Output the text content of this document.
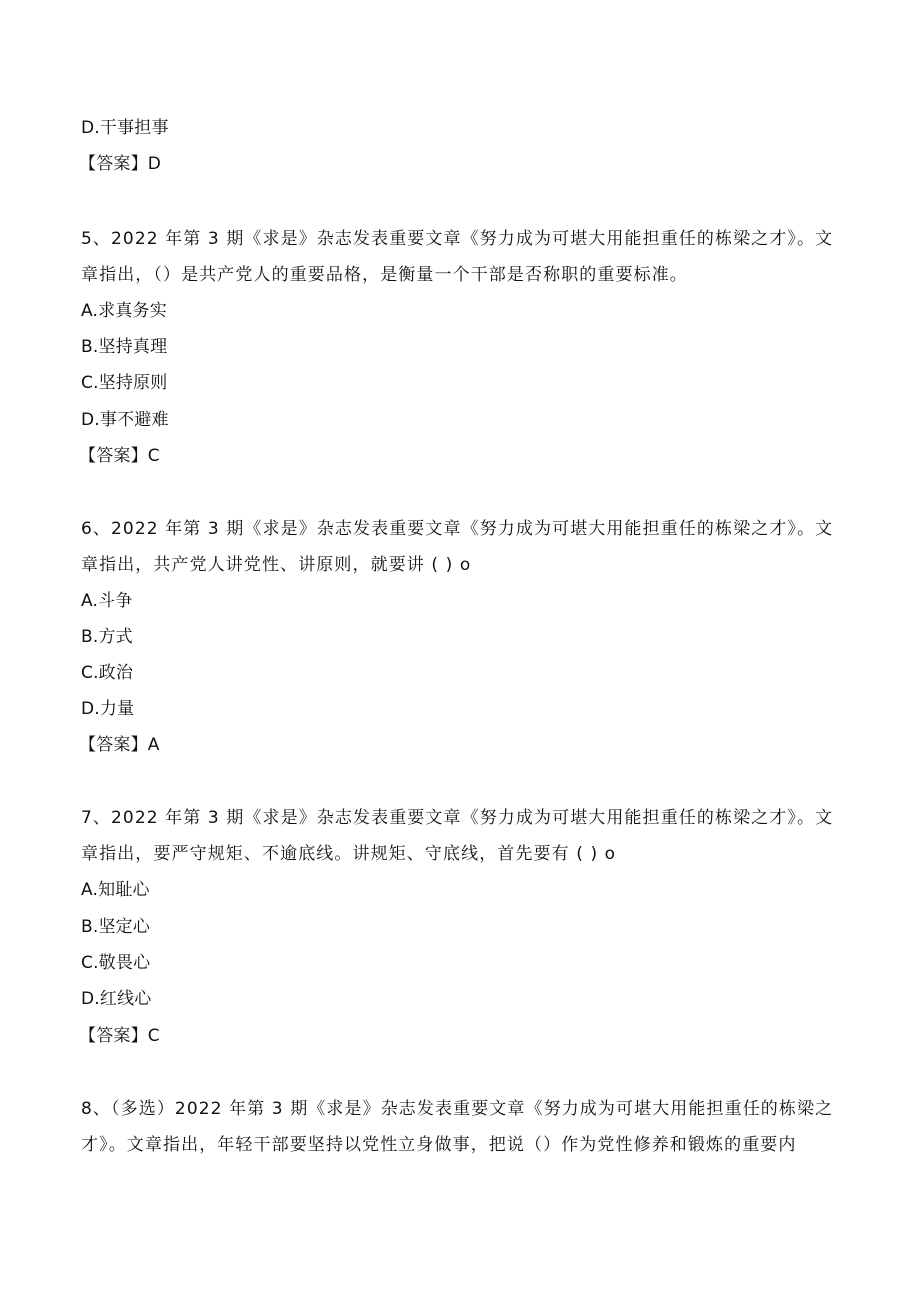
D.干事担事
【答案】D
5、2022 年第 3 期《求是》杂志发表重要文章《努力成为可堪大用能担重任的栋梁之才》。文
章指出，（）是共产党人的重要品格，是衡量一个干部是否称职的重要标准。
A.求真务实
B.坚持真理
C.坚持原则
D.事不避难
【答案】C
6、2022 年第 3 期《求是》杂志发表重要文章《努力成为可堪大用能担重任的栋梁之才》。文
章指出，共产党人讲党性、讲原则，就要讲 ( ) o
A.斗争
B.方式
C.政治
D.力量
【答案】A
7、2022 年第 3 期《求是》杂志发表重要文章《努力成为可堪大用能担重任的栋梁之才》。文
章指出，要严守规矩、不逾底线。讲规矩、守底线，首先要有 ( ) o
A.知耻心
B.坚定心
C.敬畏心
D.红线心
【答案】C
8、（多选）2022 年第 3 期《求是》杂志发表重要文章《努力成为可堪大用能担重任的栋梁之
才》。文章指出，年轻干部要坚持以党性立身做事，把说（）作为党性修养和锻炼的重要内
